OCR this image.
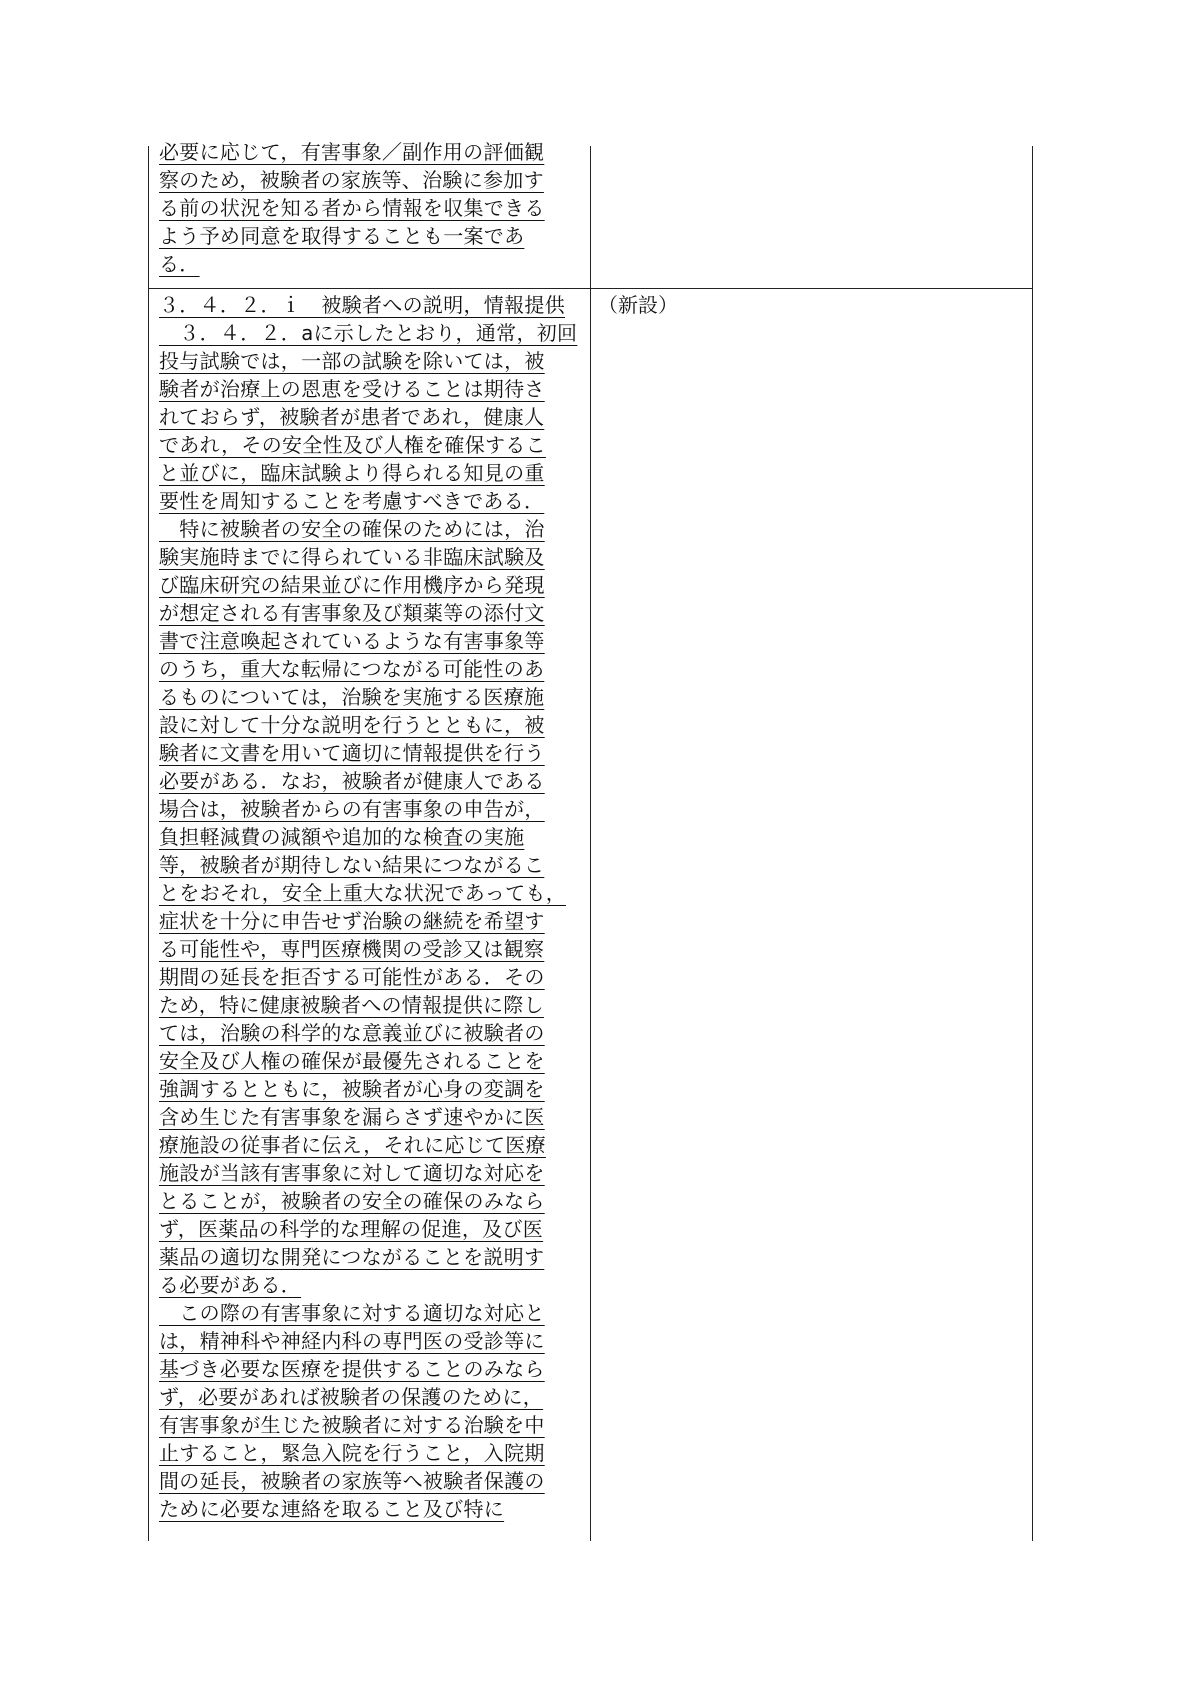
必要に応じて，有害事象／副作用の評価観
察のため，被験者の家族等、治験に参加す
る前の状況を知る者から情報を収集できる
よう予め同意を取得することも一案であ
る．
３．４．２．ｉ　被験者への説明，情報提供
　３．４．２．aに示したとおり，通常，初回
投与試験では，一部の試験を除いては，被
験者が治療上の恩恵を受けることは期待さ
れておらず，被験者が患者であれ，健康人
であれ，その安全性及び人権を確保するこ
と並びに，臨床試験より得られる知見の重
要性を周知することを考慮すべきである．
　特に被験者の安全の確保のためには，治
験実施時までに得られている非臨床試験及
び臨床研究の結果並びに作用機序から発現
が想定される有害事象及び類薬等の添付文
書で注意喚起されているような有害事象等
のうち，重大な転帰につながる可能性のあ
るものについては，治験を実施する医療施
設に対して十分な説明を行うとともに，被
験者に文書を用いて適切に情報提供を行う
必要がある．なお，被験者が健康人である
場合は，被験者からの有害事象の申告が，
負担軽減費の減額や追加的な検査の実施
等，被験者が期待しない結果につながるこ
とをおそれ，安全上重大な状況であっても，
症状を十分に申告せず治験の継続を希望す
る可能性や，専門医療機関の受診又は観察
期間の延長を拒否する可能性がある．その
ため，特に健康被験者への情報提供に際し
ては，治験の科学的な意義並びに被験者の
安全及び人権の確保が最優先されることを
強調するとともに，被験者が心身の変調を
含め生じた有害事象を漏らさず速やかに医
療施設の従事者に伝え，それに応じて医療
施設が当該有害事象に対して適切な対応を
とることが，被験者の安全の確保のみなら
ず，医薬品の科学的な理解の促進，及び医
薬品の適切な開発につながることを説明す
る必要がある．
　この際の有害事象に対する適切な対応と
は，精神科や神経内科の専門医の受診等に
基づき必要な医療を提供することのみなら
ず，必要があれば被験者の保護のために，
有害事象が生じた被験者に対する治験を中
止すること，緊急入院を行うこと，入院期
間の延長，被験者の家族等へ被験者保護の
ために必要な連絡を取ること及び特に
（新設）
